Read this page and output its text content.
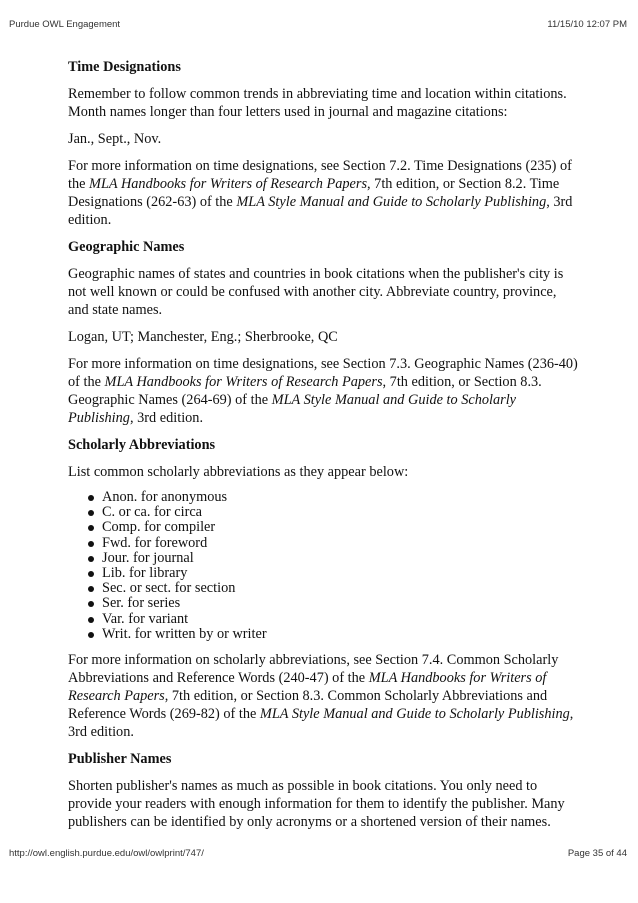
Purdue OWL Engagement	11/15/10 12:07 PM
Time Designations

Remember to follow common trends in abbreviating time and location within citations. Month names longer than four letters used in journal and magazine citations:

Jan., Sept., Nov.

For more information on time designations, see Section 7.2. Time Designations (235) of the MLA Handbooks for Writers of Research Papers, 7th edition, or Section 8.2. Time Designations (262-63) of the MLA Style Manual and Guide to Scholarly Publishing, 3rd edition.

Geographic Names

Geographic names of states and countries in book citations when the publisher's city is not well known or could be confused with another city. Abbreviate country, province, and state names.

Logan, UT; Manchester, Eng.; Sherbrooke, QC

For more information on time designations, see Section 7.3. Geographic Names (236-40) of the MLA Handbooks for Writers of Research Papers, 7th edition, or Section 8.3. Geographic Names (264-69) of the MLA Style Manual and Guide to Scholarly Publishing, 3rd edition.

Scholarly Abbreviations

List common scholarly abbreviations as they appear below:

Anon. for anonymous
C. or ca. for circa
Comp. for compiler
Fwd. for foreword
Jour. for journal
Lib. for library
Sec. or sect. for section
Ser. for series
Var. for variant
Writ. for written by or writer

For more information on scholarly abbreviations, see Section 7.4. Common Scholarly Abbreviations and Reference Words (240-47) of the MLA Handbooks for Writers of Research Papers, 7th edition, or Section 8.3. Common Scholarly Abbreviations and Reference Words (269-82) of the MLA Style Manual and Guide to Scholarly Publishing, 3rd edition.

Publisher Names

Shorten publisher's names as much as possible in book citations. You only need to provide your readers with enough information for them to identify the publisher. Many publishers can be identified by only acronyms or a shortened version of their names.

http://owl.english.purdue.edu/owl/owlprint/747/	Page 35 of 44
